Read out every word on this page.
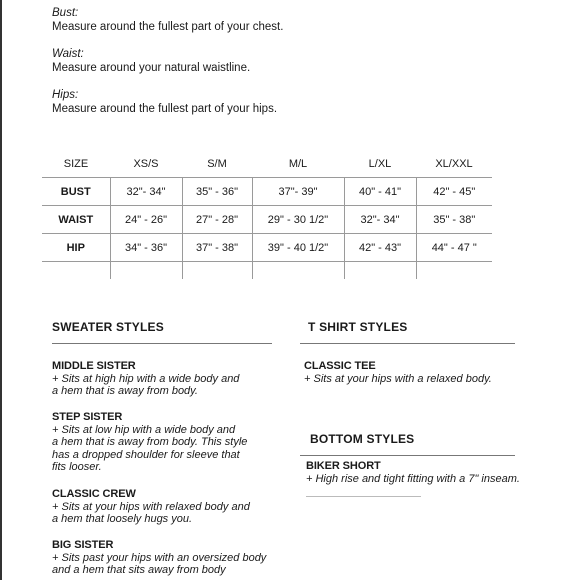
Bust:
Measure around the fullest part of your chest.
Waist:
Measure around your natural waistline.
Hips:
Measure around the fullest part of your hips.
SIZE	XS/S	S/M	M/L	L/XL	XL/XXL
BUST	32"- 34"	35" - 36"	37"- 39"	40" - 41"	42" - 45"
WAIST	24" - 26"	27" - 28"	29" - 30 1/2"	32"- 34"	35" - 38"
HIP	34" - 36"	37" - 38"	39" - 40 1/2"	42" - 43"	44" - 47 "

SWEATER STYLES
MIDDLE SISTER
+ Sits at high hip with a wide body and
a hem that is away from body.
STEP SISTER
+ Sits at low hip with a wide body and
a hem that is away from body. This style
has a dropped shoulder for sleeve that
fits looser.
CLASSIC CREW
+ Sits at your hips with relaxed body and
a hem that loosely hugs you.
BIG SISTER
+ Sits past your hips with an oversized body
and a hem that sits away from body
T SHIRT STYLES
CLASSIC TEE
+ Sits at your hips with a relaxed body.
BOTTOM STYLES
BIKER SHORT
+ High rise and tight fitting with a 7" inseam.
